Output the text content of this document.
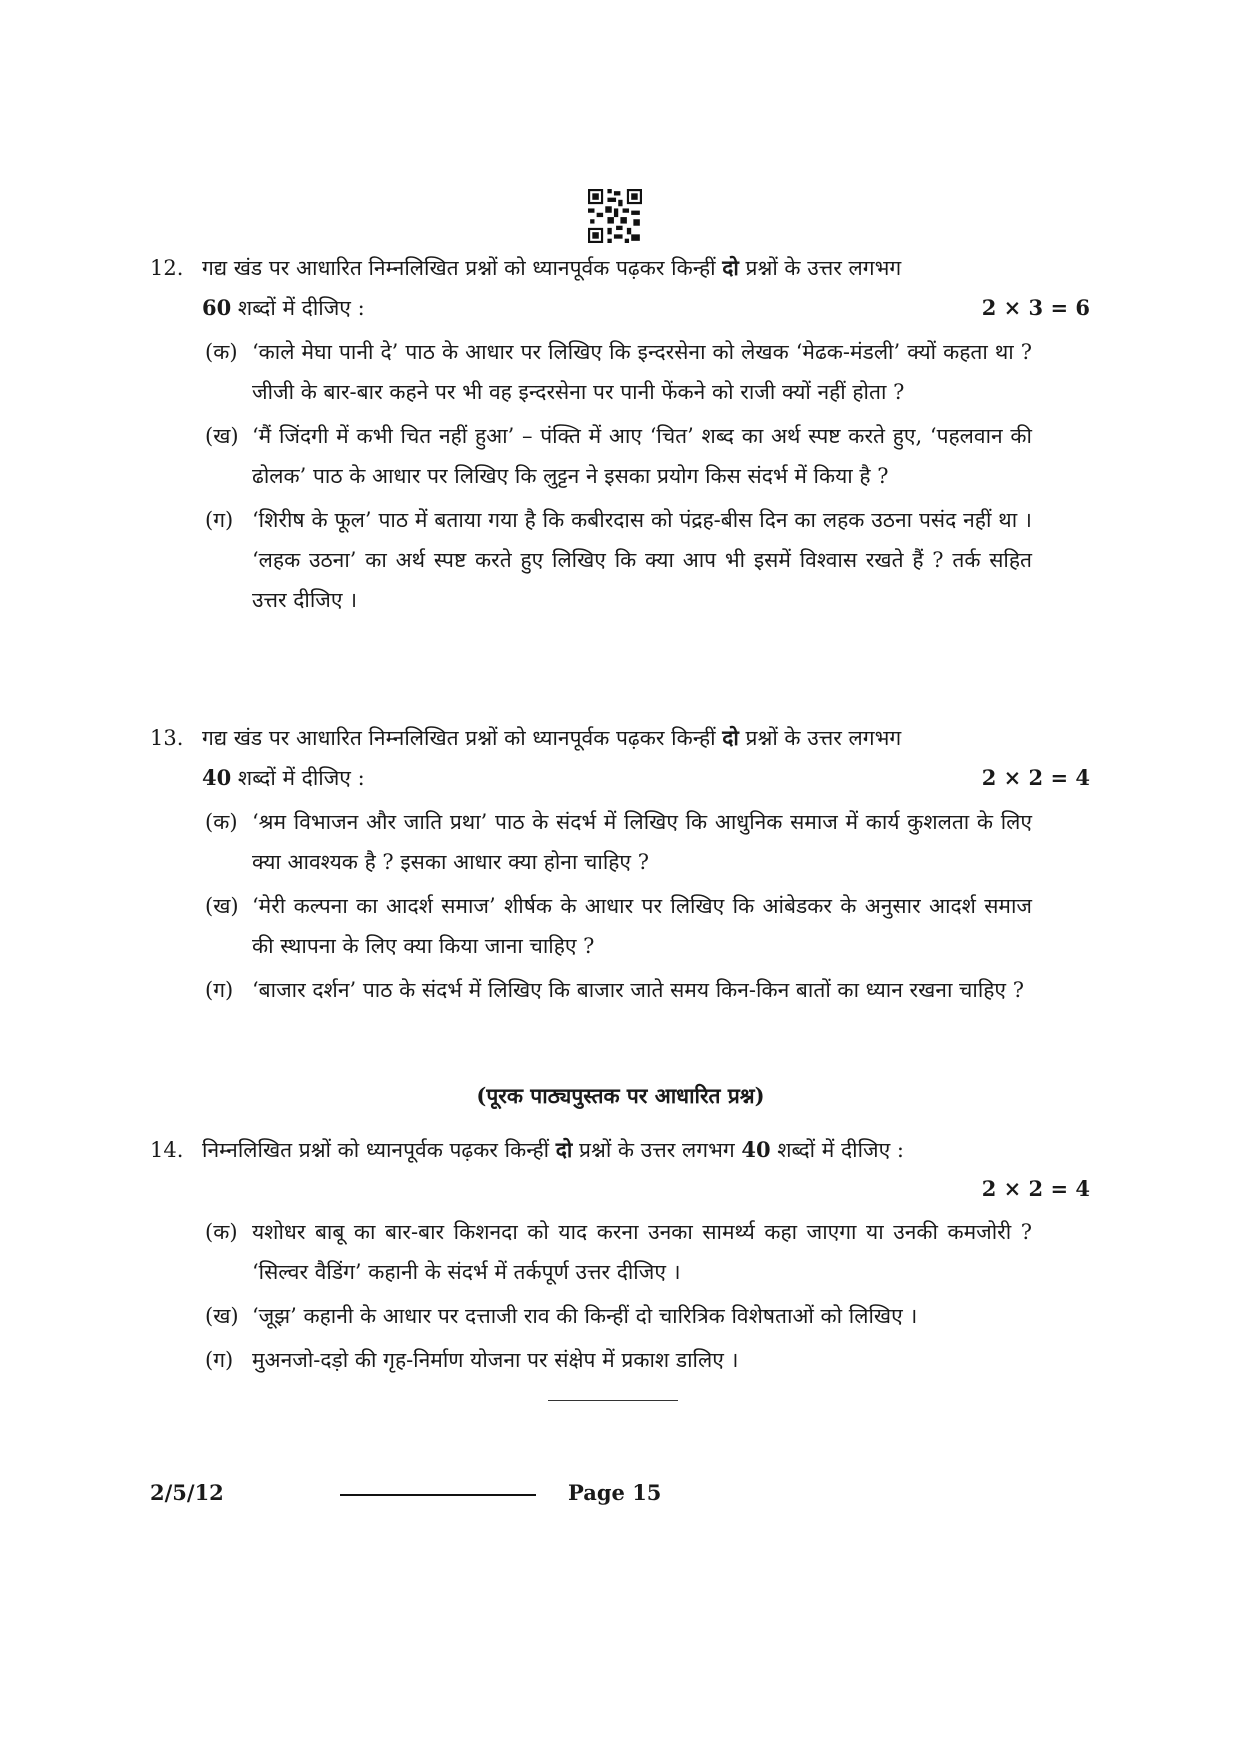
12. गद्य खंड पर आधारित निम्नलिखित प्रश्नों को ध्यानपूर्वक पढ़कर किन्हीं दो प्रश्नों के उत्तर लगभग
60 शब्दों में दीजिए :	2 × 3 = 6
(क) ‘काले मेघा पानी दे’ पाठ के आधार पर लिखिए कि इन्दरसेना को लेखक ‘मेढक-मंडली’ क्यों कहता था ? जीजी के बार-बार कहने पर भी वह इन्दरसेना पर पानी फेंकने को राजी क्यों नहीं होता ?
(ख) ‘मैं जिंदगी में कभी चित नहीं हुआ’ – पंक्ति में आए ‘चित’ शब्द का अर्थ स्पष्ट करते हुए, ‘पहलवान की ढोलक’ पाठ के आधार पर लिखिए कि लुट्टन ने इसका प्रयोग किस संदर्भ में किया है ?
(ग) ‘शिरीष के फूल’ पाठ में बताया गया है कि कबीरदास को पंद्रह-बीस दिन का लहक उठना पसंद नहीं था । ‘लहक उठना’ का अर्थ स्पष्ट करते हुए लिखिए कि क्या आप भी इसमें विश्वास रखते हैं ? तर्क सहित उत्तर दीजिए ।
13. गद्य खंड पर आधारित निम्नलिखित प्रश्नों को ध्यानपूर्वक पढ़कर किन्हीं दो प्रश्नों के उत्तर लगभग
40 शब्दों में दीजिए :	2 × 2 = 4
(क) ‘श्रम विभाजन और जाति प्रथा’ पाठ के संदर्भ में लिखिए कि आधुनिक समाज में कार्य कुशलता के लिए क्या आवश्यक है ? इसका आधार क्या होना चाहिए ?
(ख) ‘मेरी कल्पना का आदर्श समाज’ शीर्षक के आधार पर लिखिए कि आंबेडकर के अनुसार आदर्श समाज की स्थापना के लिए क्या किया जाना चाहिए ?
(ग) ‘बाजार दर्शन’ पाठ के संदर्भ में लिखिए कि बाजार जाते समय किन-किन बातों का ध्यान रखना चाहिए ?
(पूरक पाठ्यपुस्तक पर आधारित प्रश्न)
14. निम्नलिखित प्रश्नों को ध्यानपूर्वक पढ़कर किन्हीं दो प्रश्नों के उत्तर लगभग 40 शब्दों में दीजिए :
2 × 2 = 4
(क) यशोधर बाबू का बार-बार किशनदा को याद करना उनका सामर्थ्य कहा जाएगा या उनकी कमजोरी ? ‘सिल्वर वैडिंग’ कहानी के संदर्भ में तर्कपूर्ण उत्तर दीजिए ।
(ख) ‘जूझ’ कहानी के आधार पर दत्ताजी राव की किन्हीं दो चारित्रिक विशेषताओं को लिखिए ।
(ग) मुअनजो-दड़ो की गृह-निर्माण योजना पर संक्षेप में प्रकाश डालिए ।
2/5/12	Page 15
